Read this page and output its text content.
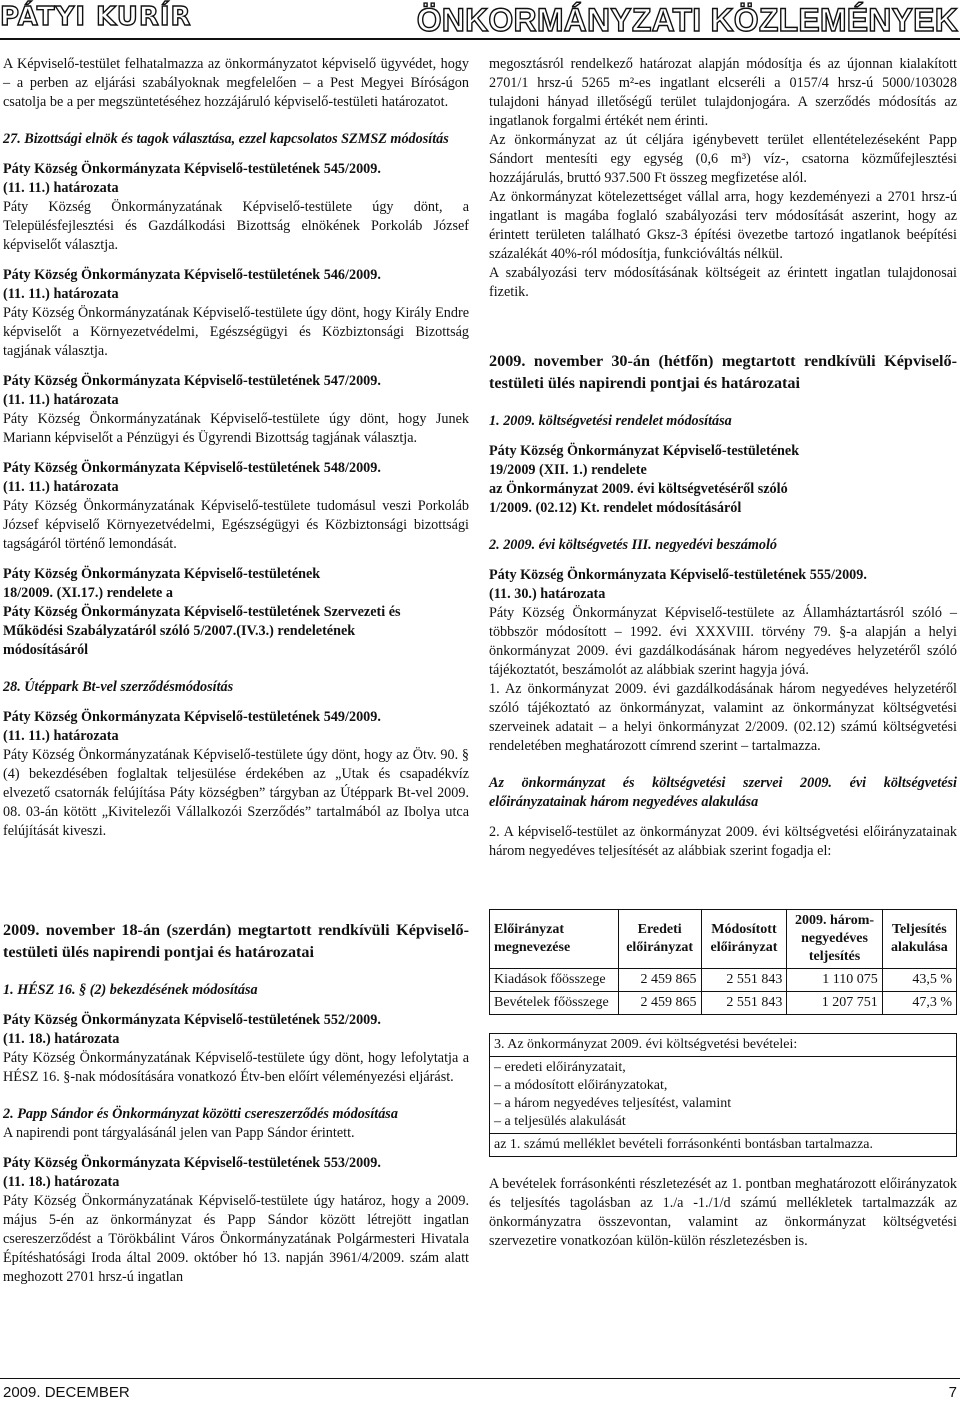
PÁTYI KURÍR	ÖNKORMÁNYZATI KÖZLEMÉNYEK

A Képviselő-testület felhatalmazza az önkormányzatot képviselő ügyvédet, hogy – a perben az eljárási szabályoknak megfelelően – a Pest Megyei Bíróságon csatolja be a per megszüntetéséhez hozzájáruló képviselő-testületi határozatot.

27. Bizottsági elnök és tagok választása, ezzel kapcsolatos SZMSZ módosítás

Páty Község Önkormányzata Képviselő-testületének 545/2009.

(11. 11.) határozata

Páty Község Önkormányzatának Képviselő-testülete úgy dönt, a Településfejlesztési és Gazdálkodási Bizottság elnökének Porkoláb József képviselőt választja.

Páty Község Önkormányzata Képviselő-testületének 546/2009.

(11. 11.) határozata

Páty Község Önkormányzatának Képviselő-testülete úgy dönt, hogy Király Endre képviselőt a Környezetvédelmi, Egészségügyi és Közbiztonsági Bizottság tagjának választja.

Páty Község Önkormányzata Képviselő-testületének 547/2009.

(11. 11.) határozata

Páty Község Önkormányzatának Képviselő-testülete úgy dönt, hogy Junek Mariann képviselőt a Pénzügyi és Ügyrendi Bizottság tagjának választja.

Páty Község Önkormányzata Képviselő-testületének 548/2009.

(11. 11.) határozata

Páty Község Önkormányzatának Képviselő-testülete tudomásul veszi Porkoláb József képviselő Környezetvédelmi, Egészségügyi és Közbiztonsági bizottsági tagságáról történő lemondását.

Páty Község Önkormányzata Képviselő-testületének

18/2009. (XI.17.) rendelete a

Páty Község Önkormányzata Képviselő-testületének Szervezeti és

Működési Szabályzatáról szóló 5/2007.(IV.3.) rendeletének

módosításáról

28. Útéppark Bt-vel szerződésmódosítás

Páty Község Önkormányzata Képviselő-testületének 549/2009.

(11. 11.) határozata

Páty Község Önkormányzatának Képviselő-testülete úgy dönt, hogy az Ötv. 90. § (4) bekezdésében foglaltak teljesülése érdekében az „Utak és csapadékvíz elvezető csatornák felújítása Páty községben” tárgyban az Útéppark Bt-vel 2009. 08. 03-án kötött „Kivitelezői Vállalkozói Szerződés” tartalmából az Ibolya utca felújítását kiveszi.

2009. november 18-án (szerdán) megtartott rendkívüli Képviselő-testületi ülés napirendi pontjai és határozatai

1. HÉSZ 16. § (2) bekezdésének módosítása

Páty Község Önkormányzata Képviselő-testületének 552/2009.

(11. 18.) határozata

Páty Község Önkormányzatának Képviselő-testülete úgy dönt, hogy lefolytatja a HÉSZ 16. §-nak módosítására vonatkozó Étv-ben előírt véleményezési eljárást.

2. Papp Sándor és Önkormányzat közötti csereszerződés módosítása

A napirendi pont tárgyalásánál jelen van Papp Sándor érintett.

Páty Község Önkormányzata Képviselő-testületének 553/2009.

(11. 18.) határozata

Páty Község Önkormányzatának Képviselő-testülete úgy határoz, hogy a 2009. május 5-én az önkormányzat és Papp Sándor között létrejött ingatlan csereszerződést a Törökbálint Város Önkormányzatának Polgármesteri Hivatala Építéshatósági Iroda által 2009. október hó 13. napján 3961/4/2009. szám alatt meghozott 2701 hrsz-ú ingatlan

megosztásról rendelkező határozat alapján módosítja és az újonnan kialakított 2701/1 hrsz-ú 5265 m²-es ingatlant elcseréli a 0157/4 hrsz-ú 5000/103028 tulajdoni hányad illetőségű terület tulajdonjogára. A szerződés módosítás az ingatlanok forgalmi értékét nem érinti.

Az önkormányzat az út céljára igénybevett terület ellentételezéseként Papp Sándort mentesíti egy egység (0,6 m³) víz-, csatorna közműfejlesztési hozzájárulás, bruttó 937.500 Ft összeg megfizetése alól.

Az önkormányzat kötelezettséget vállal arra, hogy kezdeményezi a 2701 hrsz-ú ingatlant is magába foglaló szabályozási terv módosítását aszerint, hogy az érintett területen található Gksz-3 építési övezetbe tartozó ingatlanok beépítési százalékát 40%-ról módosítja, funkcióváltás nélkül.

A szabályozási terv módosításának költségeit az érintett ingatlan tulajdonosai fizetik.

2009. november 30-án (hétfőn) megtartott rendkívüli Képviselő-testületi ülés napirendi pontjai és határozatai

1. 2009. költségvetési rendelet módosítása

Páty Község Önkormányzat Képviselő-testületének

19/2009 (XII. 1.) rendelete

az Önkormányzat 2009. évi költségvetéséről szóló

1/2009. (02.12) Kt. rendelet módosításáról

2. 2009. évi költségvetés III. negyedévi beszámoló

Páty Község Önkormányzata Képviselő-testületének 555/2009.

(11. 30.) határozata

Páty Község Önkormányzat Képviselő-testülete az Államháztartásról szóló – többször módosított – 1992. évi XXXVIII. törvény 79. §-a alapján a helyi önkormányzat 2009. évi gazdálkodásának három negyedéves helyzetéről szóló tájékoztatót, beszámolót az alábbiak szerint hagyja jóvá.

1. Az önkormányzat 2009. évi gazdálkodásának három negyedéves helyzetéről szóló tájékoztató az önkormányzat, valamint az önkormányzat költségvetési szerveinek adatait – a helyi önkormányzat 2/2009. (02.12) számú költségvetési rendeletében meghatározott címrend szerint – tartalmazza.

Az önkormányzat és költségvetési szervei 2009. évi költségvetési előirányzatainak három negyedéves alakulása

2. A képviselő-testület az önkormányzat 2009. évi költségvetési előirányzatainak három negyedéves teljesítését az alábbiak szerint fogadja el:

Előirányzat megnevezése	Eredeti előirányzat	Módosított előirányzat	2009. három-negyedéves teljesítés	Teljesítés alakulása
Kiadások főösszege	2 459 865	2 551 843	1 110 075	43,5 %
Bevételek főösszege	2 459 865	2 551 843	1 207 751	47,3 %
3. Az önkormányzat 2009. évi költségvetési bevételei:

– eredeti előirányzatait,
– a módosított előirányzatokat,
– a három negyedéves teljesítést, valamint
– a teljesülés alakulását

az 1. számú melléklet bevételi forrásonkénti bontásban tartalmazza.

A bevételek forrásonkénti részletezését az 1. pontban meghatározott előirányzatok és teljesítés tagolásban az 1./a -1./1/d számú mellékletek tartalmazzák az önkormányzatra összevontan, valamint az önkormányzat költségvetési szervezetire vonatkozóan külön-külön részletezésben is.

2009. DECEMBER	7
